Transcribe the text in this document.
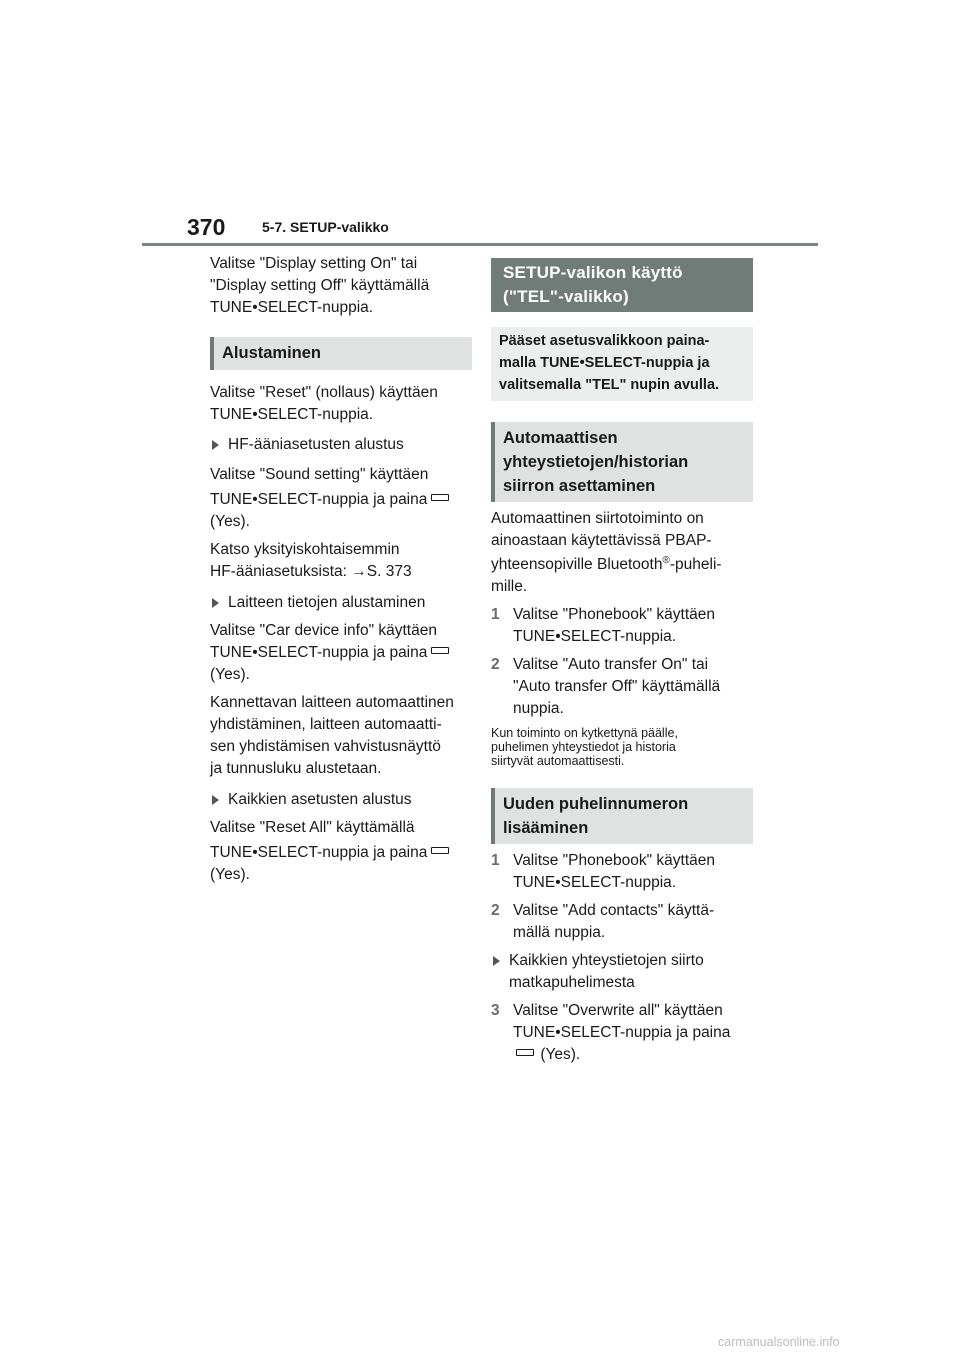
370	5-7. SETUP-valikko

Valitse "Display setting On" tai

"Display setting Off" käyttämällä

TUNE•SELECT-nuppia.

Alustaminen

Valitse "Reset" (nollaus) käyttäen

TUNE•SELECT-nuppia.

HF-ääniasetusten alustus

Valitse "Sound setting" käyttäen

TUNE•SELECT-nuppia ja paina

(Yes).

Katso yksityiskohtaisemmin

HF-ääniasetuksista: →S. 373

Laitteen tietojen alustaminen

Valitse "Car device info" käyttäen

TUNE•SELECT-nuppia ja paina

(Yes).

Kannettavan laitteen automaattinen

yhdistäminen, laitteen automaatti-

sen yhdistämisen vahvistusnäyttö

ja tunnusluku alustetaan.

Kaikkien asetusten alustus

Valitse "Reset All" käyttämällä

TUNE•SELECT-nuppia ja paina

(Yes).

SETUP-valikon käyttö
("TEL"-valikko)
Pääset asetusvalikkoon paina-
malla TUNE•SELECT-nuppia ja
valitsemalla "TEL" nupin avulla.
Automaattisen
yhteystietojen/historian
siirron asettaminen

Automaattinen siirtotoiminto on

ainoastaan käytettävissä PBAP-

yhteensopiville Bluetooth®-puheli-

mille.

1 Valitse "Phonebook" käyttäen

TUNE•SELECT-nuppia.

2 Valitse "Auto transfer On" tai

"Auto transfer Off" käyttämällä

nuppia.

Kun toiminto on kytkettynä päälle,

puhelimen yhteystiedot ja historia

siirtyvät automaattisesti.

Uuden puhelinnumeron
lisääminen
1 Valitse "Phonebook" käyttäen

TUNE•SELECT-nuppia.

2 Valitse "Add contacts" käyttä-

mällä nuppia.

Kaikkien yhteystietojen siirto

matkapuhelimesta

3 Valitse "Overwrite all" käyttäen

TUNE•SELECT-nuppia ja paina

(Yes).

carmanualsonline.info
